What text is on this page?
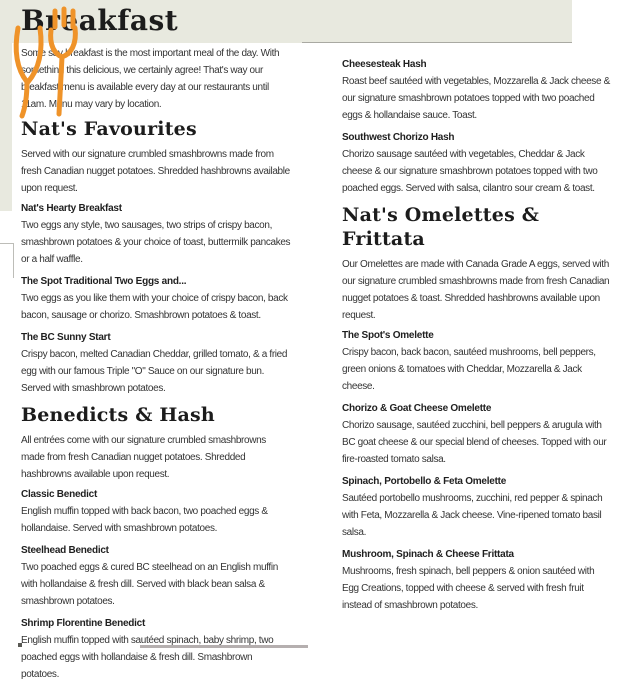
Breakfast

Some say breakfast is the most important meal of the day. With something this delicious, we certainly agree! That's way our breakfast menu is available every day at our restaurants until 11am. Menu may vary by location.

Nat's Favourites

Served with our signature crumbled smashbrowns made from fresh Canadian nugget potatoes. Shredded hashbrowns available upon request.

Nat's Hearty Breakfast

Two eggs any style, two sausages, two strips of crispy bacon, smashbrown potatoes & your choice of toast, buttermilk pancakes or a half waffle.

The Spot Traditional Two Eggs and...

Two eggs as you like them with your choice of crispy bacon, back bacon, sausage or chorizo. Smashbrown potatoes & toast.

The BC Sunny Start

Crispy bacon, melted Canadian Cheddar, grilled tomato, & a fried egg with our famous Triple "O" Sauce on our signature bun. Served with smashbrown potatoes.

Benedicts & Hash

All entrées come with our signature crumbled smashbrowns made from fresh Canadian nugget potatoes. Shredded hashbrowns available upon request.

Classic Benedict

English muffin topped with back bacon, two poached eggs & hollandaise. Served with smashbrown potatoes.

Steelhead Benedict

Two poached eggs & cured BC steelhead on an English muffin with hollandaise & fresh dill. Served with black bean salsa & smashbrown potatoes.

Shrimp Florentine Benedict

English muffin topped with sautéed spinach, baby shrimp, two poached eggs with hollandaise & fresh dill. Smashbrown potatoes.

Cheesesteak Hash

Roast beef sautéed with vegetables, Mozzarella & Jack cheese & our signature smashbrown potatoes topped with two poached eggs & hollandaise sauce. Toast.

Southwest Chorizo Hash

Chorizo sausage sautéed with vegetables, Cheddar & Jack cheese & our signature smashbrown potatoes topped with two poached eggs. Served with salsa, cilantro sour cream & toast.

Nat's Omelettes & Frittata

Our Omelettes are made with Canada Grade A eggs, served with our signature crumbled smashbrowns made from fresh Canadian nugget potatoes & toast. Shredded hashbrowns available upon request.

The Spot's Omelette

Crispy bacon, back bacon, sautéed mushrooms, bell peppers, green onions & tomatoes with Cheddar, Mozzarella & Jack cheese.

Chorizo & Goat Cheese Omelette

Chorizo sausage, sautéed zucchini, bell peppers & arugula with BC goat cheese & our special blend of cheeses. Topped with our fire-roasted tomato salsa.

Spinach, Portobello & Feta Omelette

Sautéed portobello mushrooms, zucchini, red pepper & spinach with Feta, Mozzarella & Jack cheese. Vine-ripened tomato basil salsa.

Mushroom, Spinach & Cheese Frittata

Mushrooms, fresh spinach, bell peppers & onion sautéed with Egg Creations, topped with cheese & served with fresh fruit instead of smashbrown potatoes.
